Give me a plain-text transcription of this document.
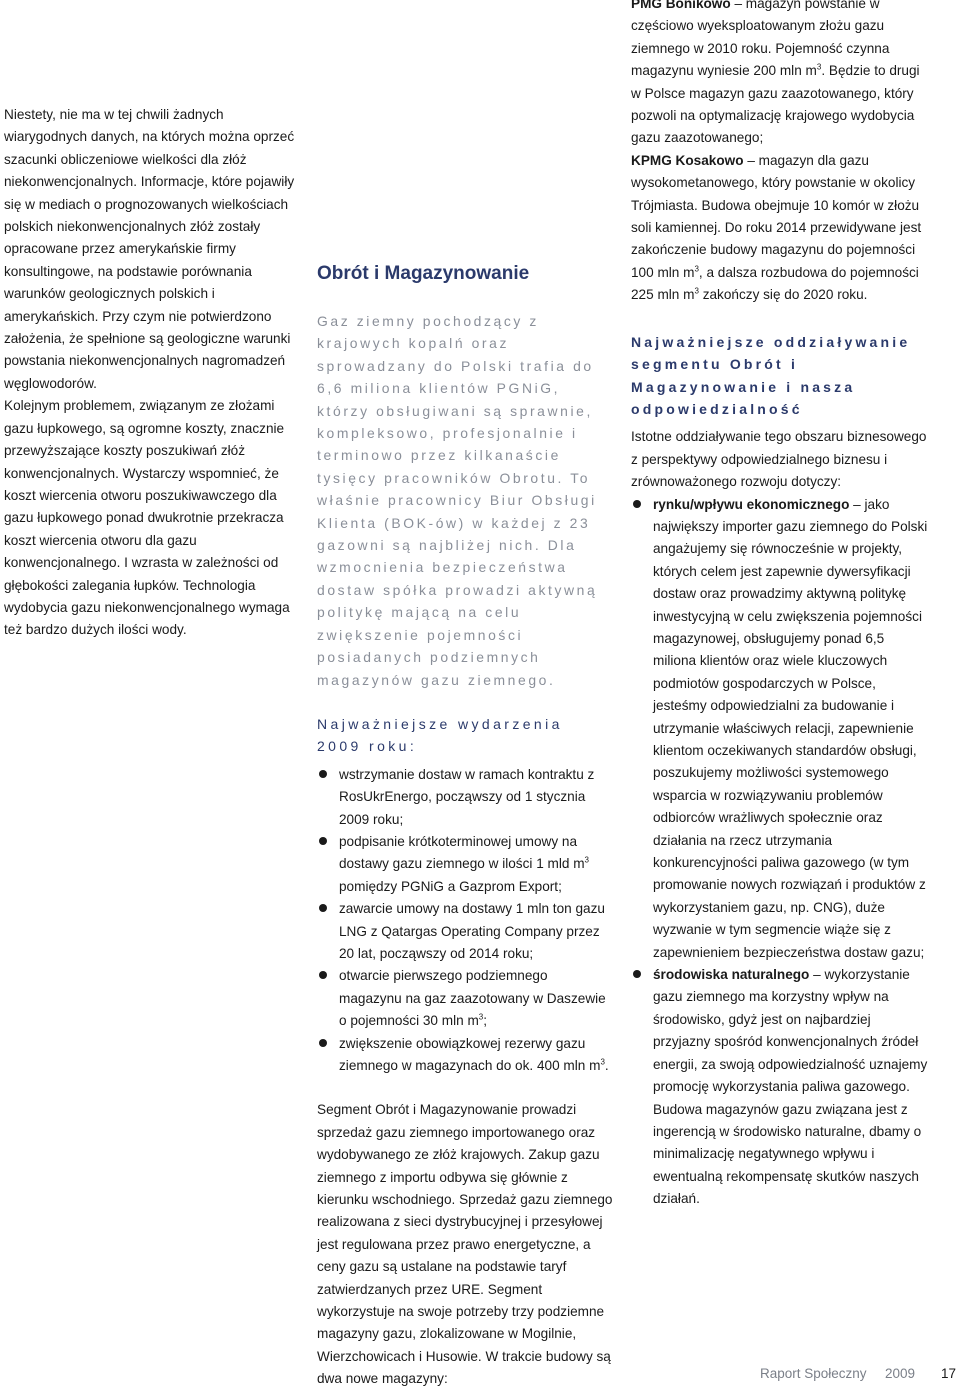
Niestety, nie ma w tej chwili żadnych wiarygodnych danych, na których można oprzeć szacunki obliczeniowe wielkości dla złóż niekonwencjonalnych. Informacje, które pojawiły się w mediach o prognozowanych wielkościach polskich niekonwencjonalnych złóż zostały opracowane przez amerykańskie firmy konsultingowe, na podstawie porównania warunków geologicznych polskich i amerykańskich. Przy czym nie potwierdzono założenia, że spełnione są geologiczne warunki powstania niekonwencjonalnych nagromadzeń węglowodorów.

Kolejnym problemem, związanym ze złożami gazu łupkowego, są ogromne koszty, znacznie przewyższające koszty poszukiwań złóż konwencjonalnych. Wystarczy wspomnieć, że koszt wiercenia otworu poszukiwawczego dla gazu łupkowego ponad dwukrotnie przekracza koszt wiercenia otworu dla gazu konwencjonalnego. I wzrasta w zależności od głębokości zalegania łupków. Technologia wydobycia gazu niekonwencjonalnego wymaga też bardzo dużych ilości wody.

Obrót i Magazynowanie

Gaz ziemny pochodzący z krajowych kopalń oraz sprowadzany do Polski trafia do 6,6 miliona klientów PGNiG, którzy obsługiwani są sprawnie, kompleksowo, profesjonalnie i terminowo przez kilkanaście tysięcy pracowników Obrotu. To właśnie pracownicy Biur Obsługi Klienta (BOK-ów) w każdej z 23 gazowni są najbliżej nich. Dla wzmocnienia bezpieczeństwa dostaw spółka prowadzi aktywną politykę mającą na celu zwiększenie pojemności posiadanych podziemnych magazynów gazu ziemnego.

Najważniejsze wydarzenia 2009 roku:

wstrzymanie dostaw w ramach kontraktu z RosUkrEnergo, począwszy od 1 stycznia 2009 roku;
podpisanie krótkoterminowej umowy na dostawy gazu ziemnego w ilości 1 mld $m^3$ pomiędzy PGNiG a Gazprom Export;
zawarcie umowy na dostawy 1 mln ton gazu LNG z Qatargas Operating Company przez 20 lat, począwszy od 2014 roku;
otwarcie pierwszego podziemnego magazynu na gaz zaazotowany w Daszewie o pojemności 30 mln $m^3$;
zwiększenie obowiązkowej rezerwy gazu ziemnego w magazynach do ok. 400 mln $m^3$.

Segment Obrót i Magazynowanie prowadzi sprzedaż gazu ziemnego importowanego oraz wydobywanego ze złóż krajowych. Zakup gazu ziemnego z importu odbywa się głównie z kierunku wschodniego. Sprzedaż gazu ziemnego realizowana z sieci dystrybucyjnej i przesyłowej jest regulowana przez prawo energetyczne, a ceny gazu są ustalane na podstawie taryf zatwierdzanych przez URE. Segment wykorzystuje na swoje potrzeby trzy podziemne magazyny gazu, zlokalizowane w Mogilnie, Wierzchowicach i Husowie. W trakcie budowy są dwa nowe magazyny:

PMG Bonikowo – magazyn powstanie w częściowo wyeksploatowanym złożu gazu ziemnego w 2010 roku. Pojemność czynna magazynu wyniesie 200 mln $m^3$. Będzie to drugi w Polsce magazyn gazu zaazotowanego, który pozwoli na optymalizację krajowego wydobycia gazu zaazotowanego;

KPMG Kosakowo – magazyn dla gazu wysokometanowego, który powstanie w okolicy Trójmiasta. Budowa obejmuje 10 komór w złożu soli kamiennej. Do roku 2014 przewidywane jest zakończenie budowy magazynu do pojemności 100 mln $m^3$, a dalsza rozbudowa do pojemności 225 mln $m^3$ zakończy się do 2020 roku.

Najważniejsze oddziaływanie segmentu Obrót i Magazynowanie i nasza odpowiedzialność

Istotne oddziaływanie tego obszaru biznesowego z perspektywy odpowiedzialnego biznesu i zrównoważonego rozwoju dotyczy:

rynku/wpływu ekonomicznego – jako największy importer gazu ziemnego do Polski angażujemy się równocześnie w projekty, których celem jest zapewnie dywersyfikacji dostaw oraz prowadzimy aktywną politykę inwestycyjną w celu zwiększenia pojemności magazynowej, obsługujemy ponad 6,5 miliona klientów oraz wiele kluczowych podmiotów gospodarczych w Polsce, jesteśmy odpowiedzialni za budowanie i utrzymanie właściwych relacji, zapewnienie klientom oczekiwanych standardów obsługi, poszukujemy możliwości systemowego wsparcia w rozwiązywaniu problemów odbiorców wrażliwych społecznie oraz działania na rzecz utrzymania konkurencyjności paliwa gazowego (w tym promowanie nowych rozwiązań i produktów z wykorzystaniem gazu, np. CNG), duże wyzwanie w tym segmencie wiąże się z zapewnieniem bezpieczeństwa dostaw gazu;
środowiska naturalnego – wykorzystanie gazu ziemnego ma korzystny wpływ na środowisko, gdyż jest on najbardziej przyjazny spośród konwencjonalnych źródeł energii, za swoją odpowiedzialność uznajemy promocję wykorzystania paliwa gazowego. Budowa magazynów gazu związana jest z ingerencją w środowisko naturalne, dbamy o minimalizację negatywnego wpływu i ewentualną rekompensatę skutków naszych działań.
Raport Społeczny 2009 17
